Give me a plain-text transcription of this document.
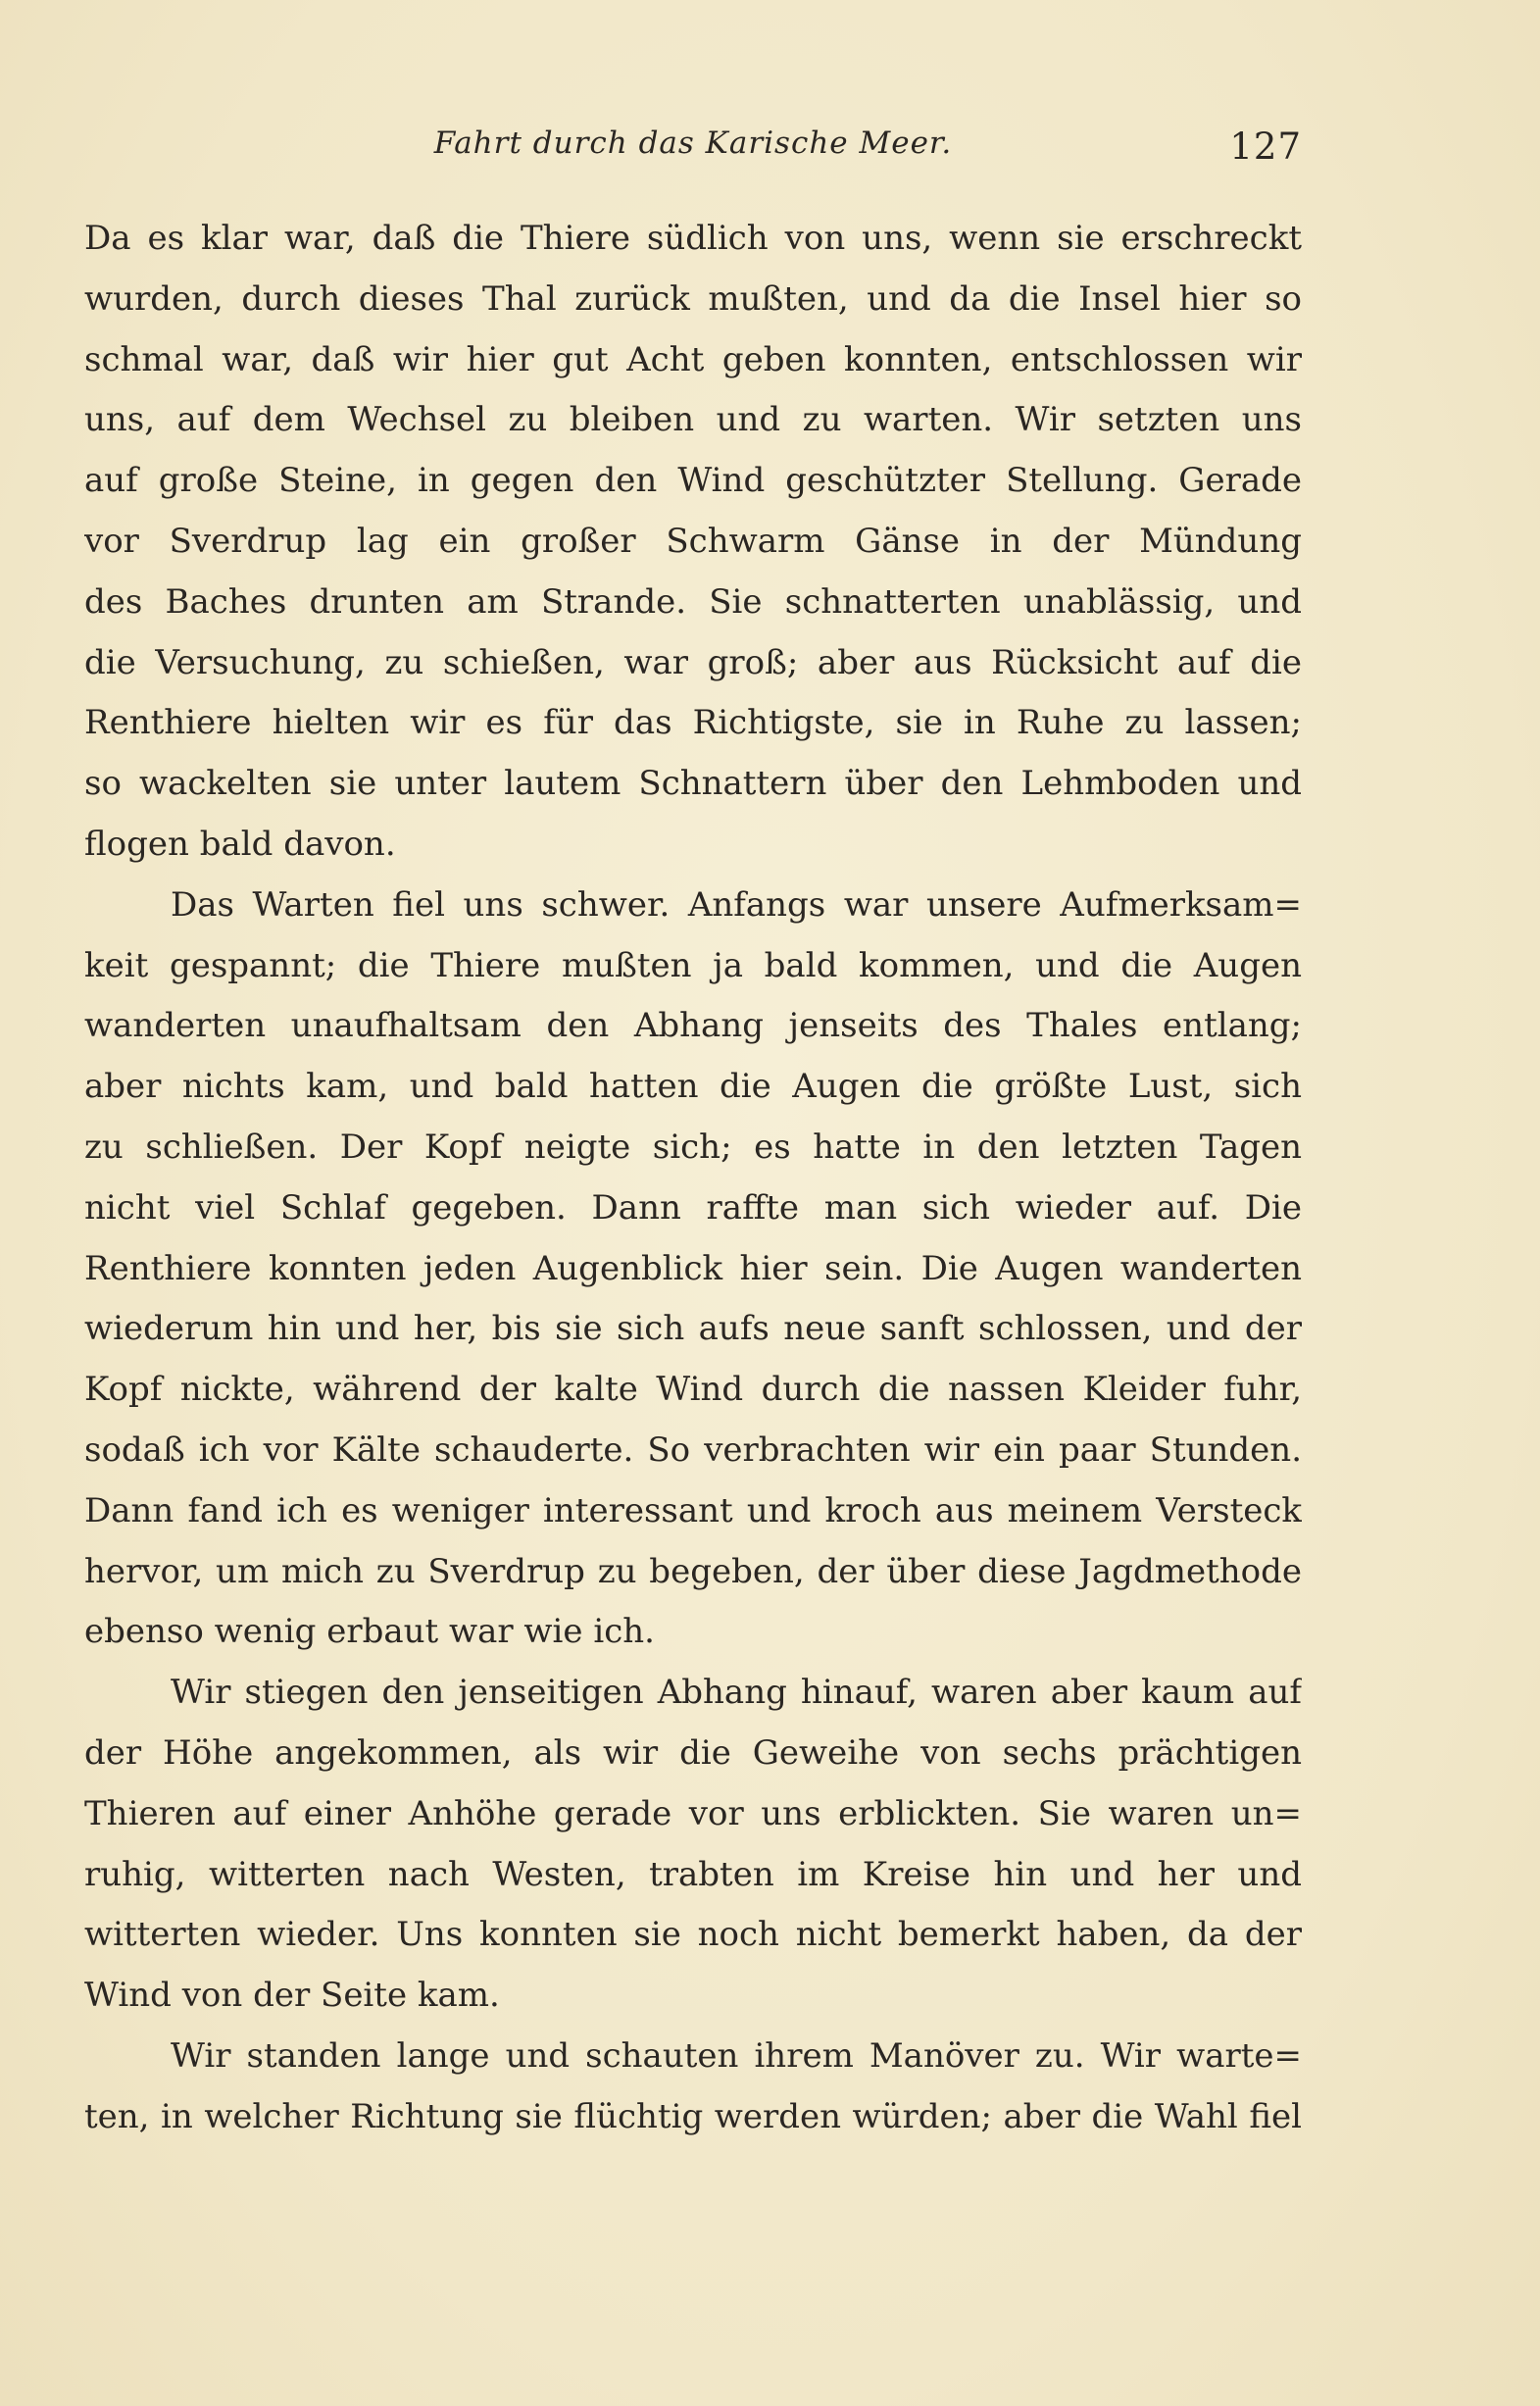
Fahrt durch das Karische Meer.	127
Da es klar war, daß die Thiere südlich von uns, wenn sie erschreckt
wurden, durch dieses Thal zurück mußten, und da die Insel hier so
schmal war, daß wir hier gut Acht geben konnten, entschlossen wir
uns, auf dem Wechsel zu bleiben und zu warten. Wir setzten uns
auf große Steine, in gegen den Wind geschützter Stellung. Gerade
vor Sverdrup lag ein großer Schwarm Gänse in der Mündung
des Baches drunten am Strande. Sie schnatterten unablässig, und
die Versuchung, zu schießen, war groß; aber aus Rücksicht auf die
Renthiere hielten wir es für das Richtigste, sie in Ruhe zu lassen;
so wackelten sie unter lautem Schnattern über den Lehmboden und
flogen bald davon.
Das Warten fiel uns schwer. Anfangs war unsere Aufmerksam=
keit gespannt; die Thiere mußten ja bald kommen, und die Augen
wanderten unaufhaltsam den Abhang jenseits des Thales entlang;
aber nichts kam, und bald hatten die Augen die größte Lust, sich
zu schließen. Der Kopf neigte sich; es hatte in den letzten Tagen
nicht viel Schlaf gegeben. Dann raffte man sich wieder auf. Die
Renthiere konnten jeden Augenblick hier sein. Die Augen wanderten
wiederum hin und her, bis sie sich aufs neue sanft schlossen, und der
Kopf nickte, während der kalte Wind durch die nassen Kleider fuhr,
sodaß ich vor Kälte schauderte. So verbrachten wir ein paar Stunden.
Dann fand ich es weniger interessant und kroch aus meinem Versteck
hervor, um mich zu Sverdrup zu begeben, der über diese Jagdmethode
ebenso wenig erbaut war wie ich.
Wir stiegen den jenseitigen Abhang hinauf, waren aber kaum auf
der Höhe angekommen, als wir die Geweihe von sechs prächtigen
Thieren auf einer Anhöhe gerade vor uns erblickten. Sie waren un=
ruhig, witterten nach Westen, trabten im Kreise hin und her und
witterten wieder. Uns konnten sie noch nicht bemerkt haben, da der
Wind von der Seite kam.
Wir standen lange und schauten ihrem Manöver zu. Wir warte=
ten, in welcher Richtung sie flüchtig werden würden; aber die Wahl fiel
